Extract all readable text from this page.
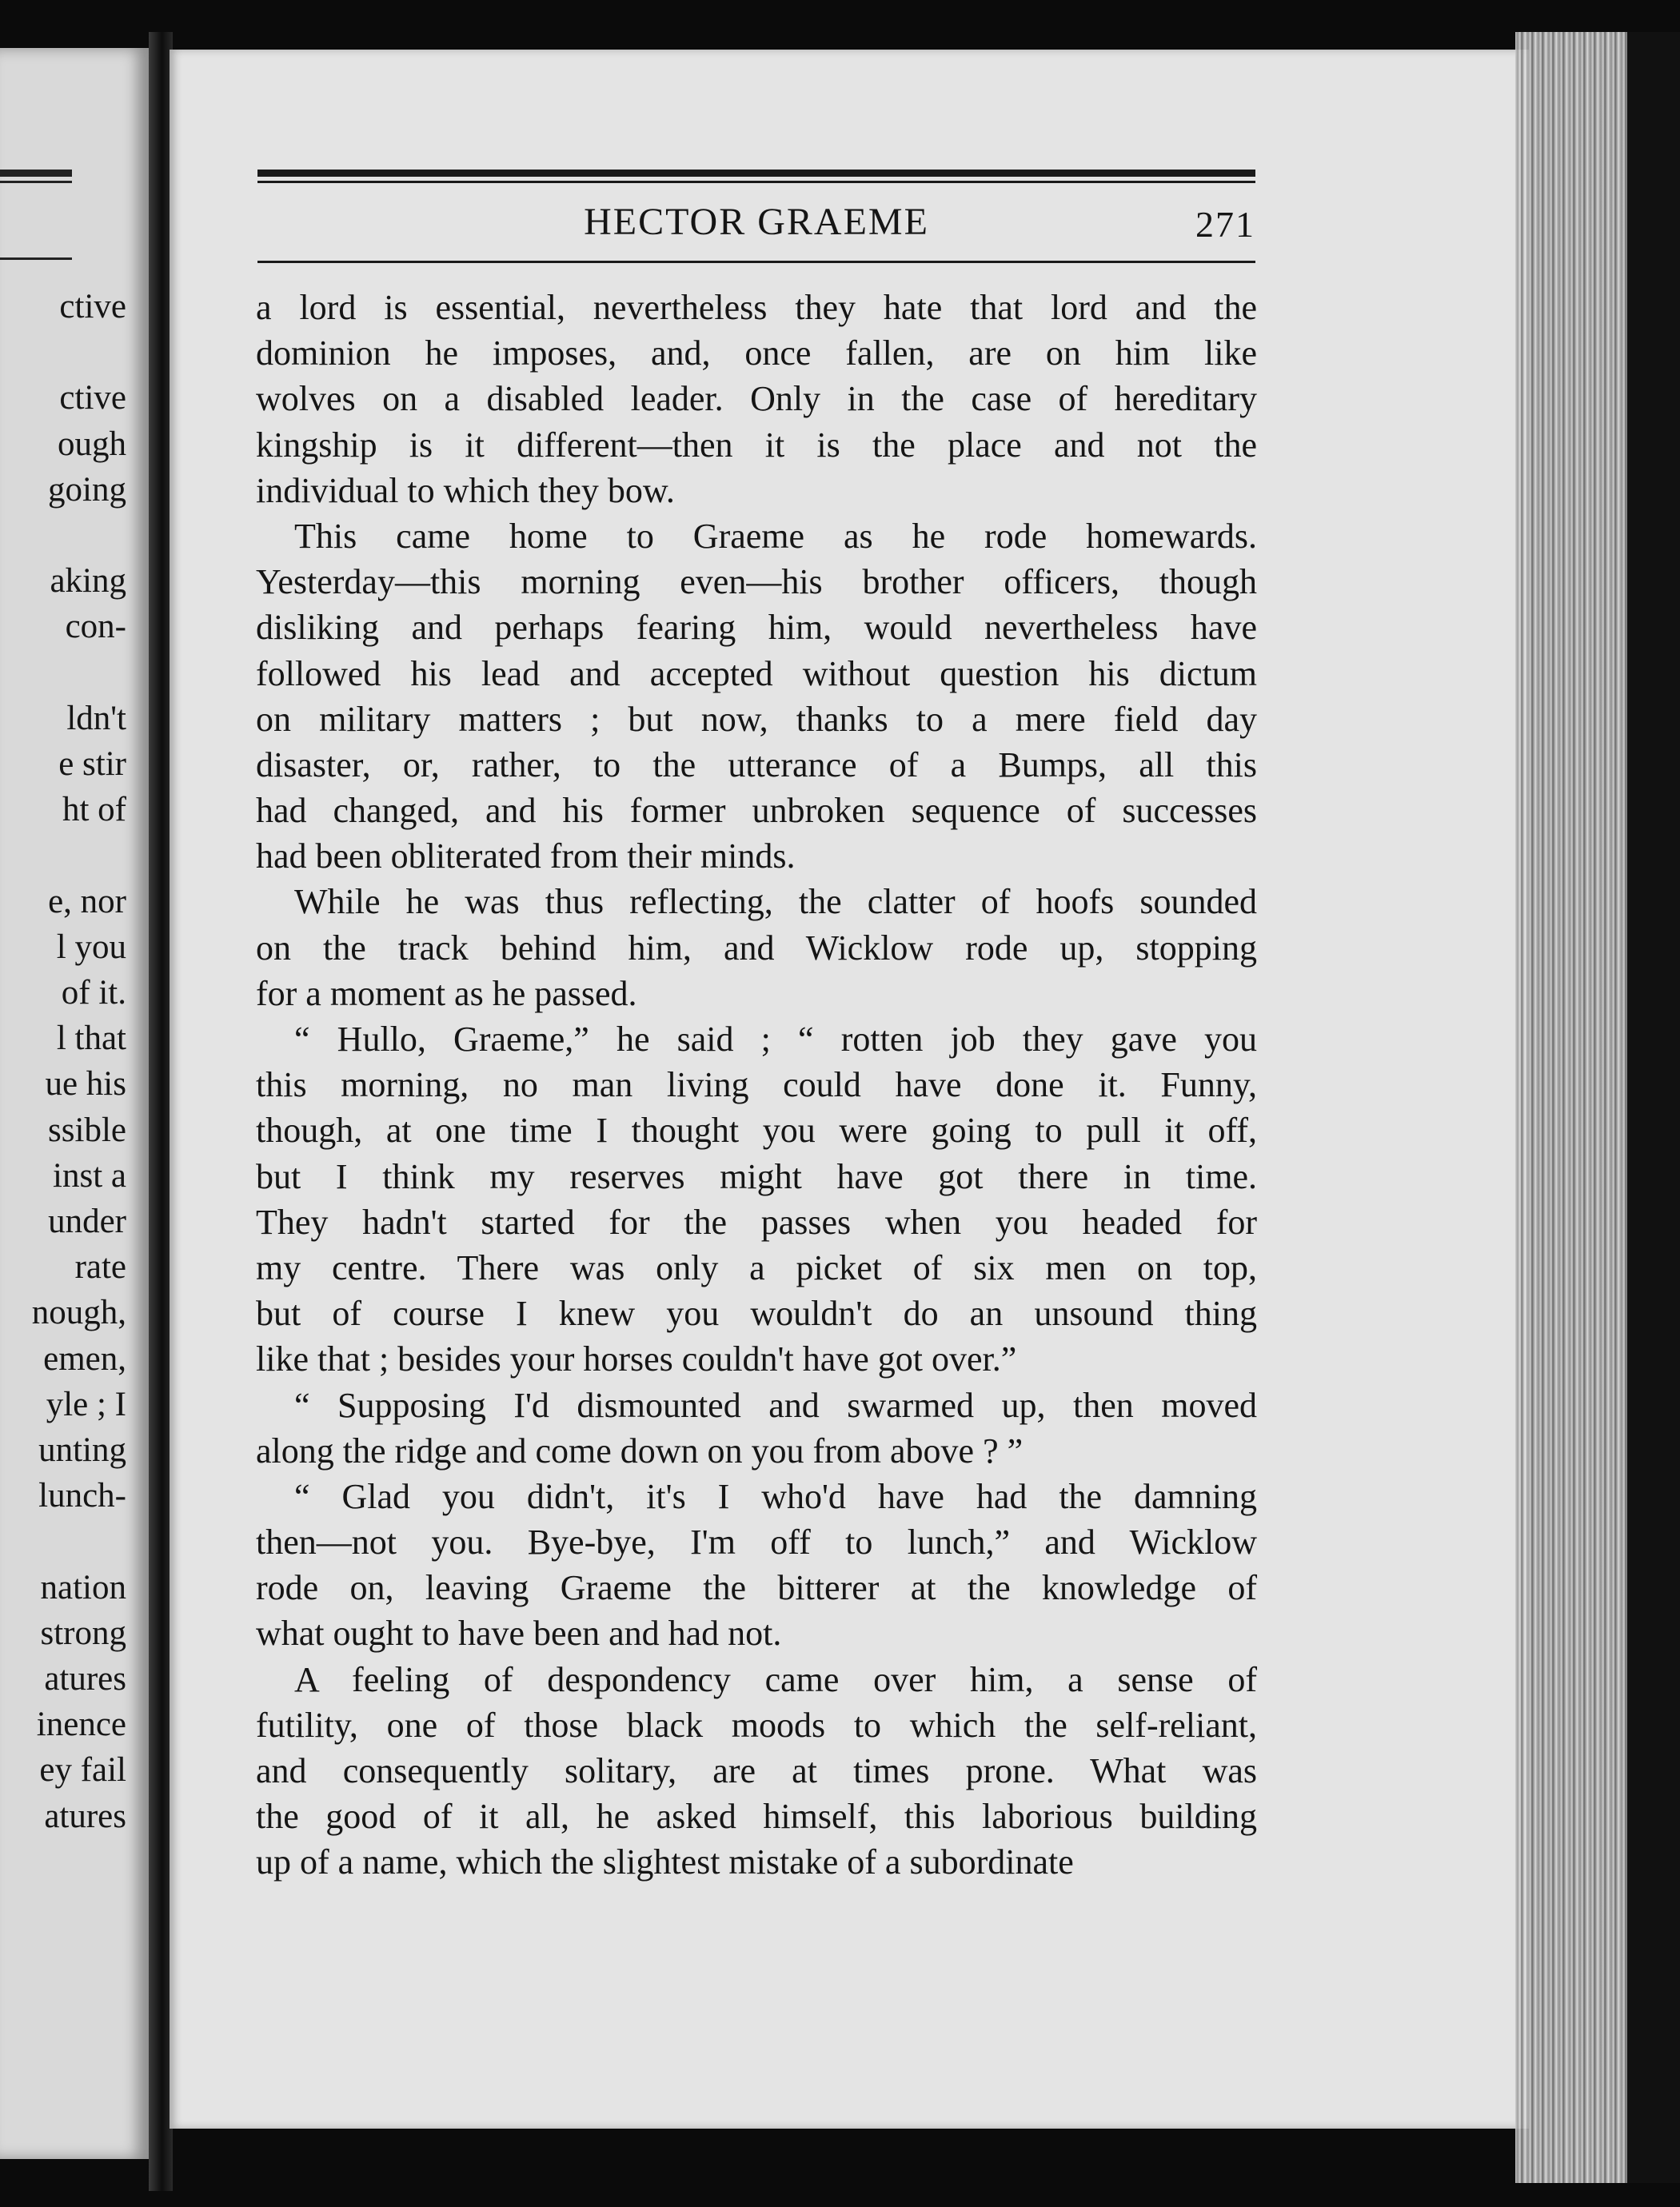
ctive
ctive
ough
going
aking
con-
ldn't
e stir
ht of
e, nor
l you
of it.
l that
ue his
ssible
inst a
under
rate
nough,
emen,
yle ; I
unting
lunch-
nation
strong
atures
inence
ey fail
atures
HECTOR GRAEME	271
a lord is essential, nevertheless they hate that lord and the
dominion he imposes, and, once fallen, are on him like
wolves on a disabled leader. Only in the case of hereditary
kingship is it different—then it is the place and not the
individual to which they bow.
This came home to Graeme as he rode homewards.
Yesterday—this morning even—his brother officers, though
disliking and perhaps fearing him, would nevertheless have
followed his lead and accepted without question his dictum
on military matters ; but now, thanks to a mere field day
disaster, or, rather, to the utterance of a Bumps, all this
had changed, and his former unbroken sequence of successes
had been obliterated from their minds.
While he was thus reflecting, the clatter of hoofs sounded
on the track behind him, and Wicklow rode up, stopping
for a moment as he passed.
“ Hullo, Graeme,” he said ; “ rotten job they gave you
this morning, no man living could have done it. Funny,
though, at one time I thought you were going to pull it off,
but I think my reserves might have got there in time.
They hadn't started for the passes when you headed for
my centre. There was only a picket of six men on top,
but of course I knew you wouldn't do an unsound thing
like that ; besides your horses couldn't have got over.”
“ Supposing I'd dismounted and swarmed up, then moved
along the ridge and come down on you from above ? ”
“ Glad you didn't, it's I who'd have had the damning
then—not you. Bye-bye, I'm off to lunch,” and Wicklow
rode on, leaving Graeme the bitterer at the knowledge of
what ought to have been and had not.
A feeling of despondency came over him, a sense of
futility, one of those black moods to which the self-reliant,
and consequently solitary, are at times prone. What was
the good of it all, he asked himself, this laborious building
up of a name, which the slightest mistake of a subordinate
